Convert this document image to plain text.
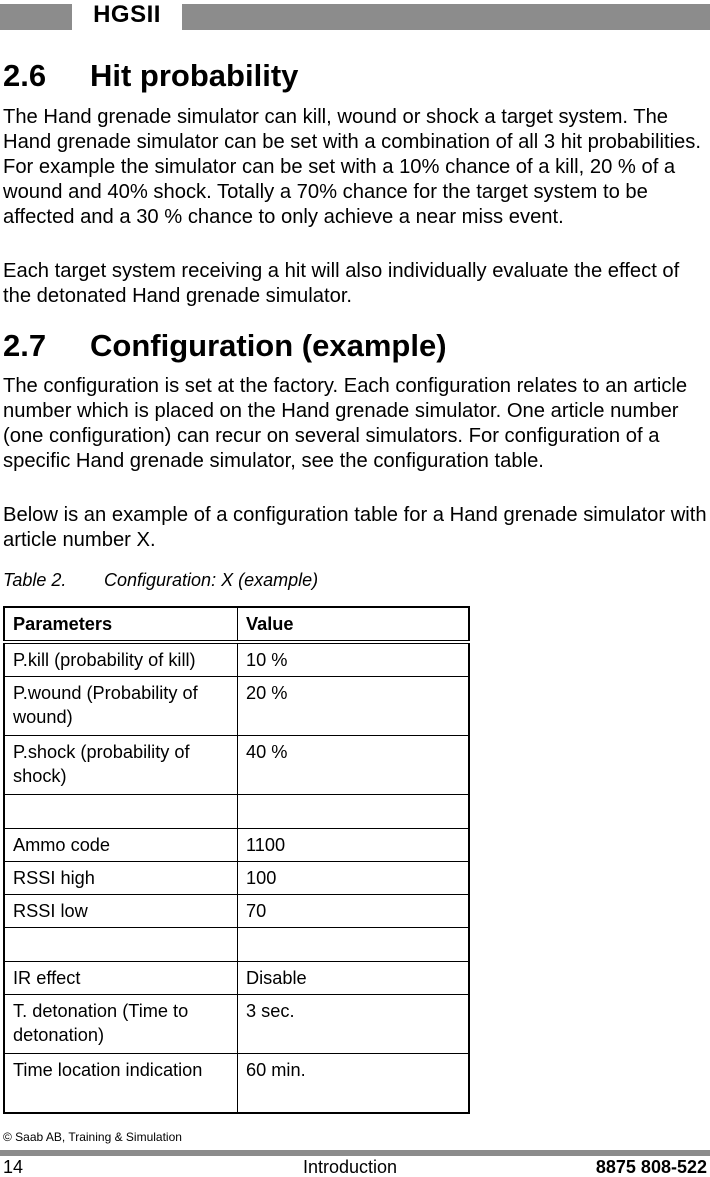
HGSII
2.6 Hit probability

The Hand grenade simulator can kill, wound or shock a target system. The Hand grenade simulator can be set with a combination of all 3 hit probabilities. For example the simulator can be set with a 10% chance of a kill, 20 % of a wound and 40% shock. Totally a 70% chance for the target system to be affected and a 30 % chance to only achieve a near miss event.

Each target system receiving a hit will also individually evaluate the effect of the detonated Hand grenade simulator.

2.7 Configuration (example)

The configuration is set at the factory. Each configuration relates to an article number which is placed on the Hand grenade simulator. One article number (one configuration) can recur on several simulators. For configuration of a specific Hand grenade simulator, see the configuration table.

Below is an example of a configuration table for a Hand grenade simulator with article number X.

Table 2. Configuration: X (example)
Parameters	Value
P.kill (probability of kill)	10 %
P.wound (Probability of wound)	20 %
P.shock (probability of shock)	40 %

Ammo code	1100
RSSI high	100
RSSI low	70

IR effect	Disable
T. detonation (Time to detonation)	3 sec.
Time location indication	60 min.
© Saab AB, Training & Simulation
14	Introduction	8875 808-522
